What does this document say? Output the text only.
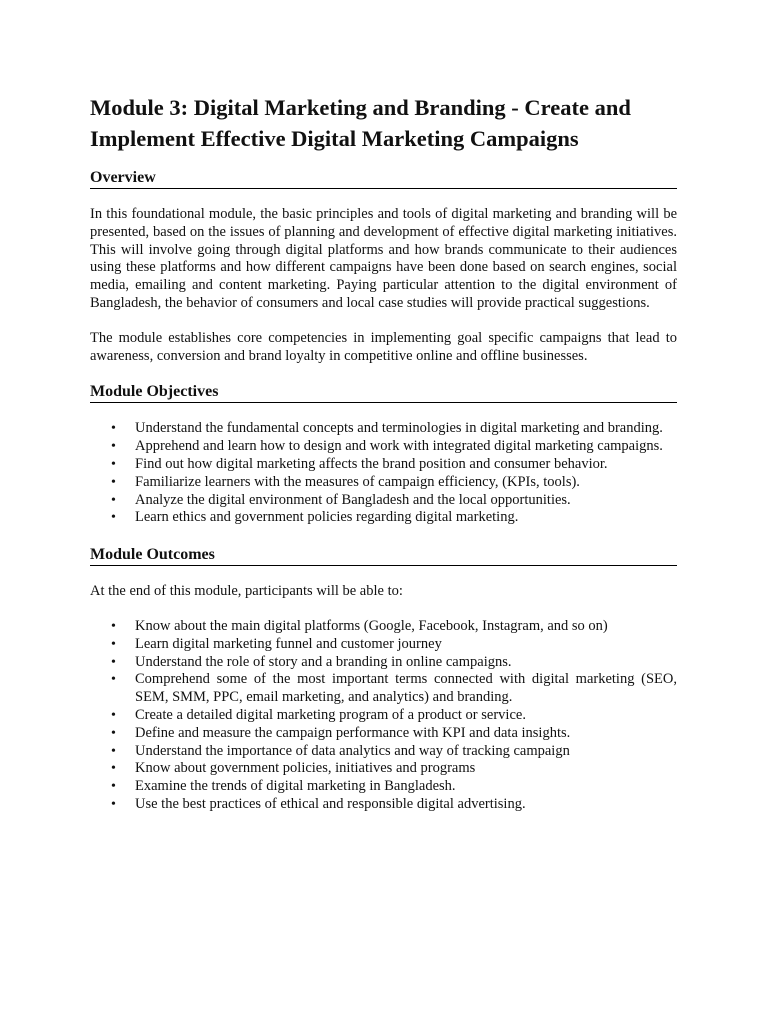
Module 3: Digital Marketing and Branding - Create and Implement Effective Digital Marketing Campaigns
Overview

In this foundational module, the basic principles and tools of digital marketing and branding will be presented, based on the issues of planning and development of effective digital marketing initiatives. This will involve going through digital platforms and how brands communicate to their audiences using these platforms and how different campaigns have been done based on search engines, social media, emailing and content marketing. Paying particular attention to the digital environment of Bangladesh, the behavior of consumers and local case studies will provide practical suggestions.

The module establishes core competencies in implementing goal specific campaigns that lead to awareness, conversion and brand loyalty in competitive online and offline businesses.

Module Objectives
• Understand the fundamental concepts and terminologies in digital marketing and branding.
• Apprehend and learn how to design and work with integrated digital marketing campaigns.
• Find out how digital marketing affects the brand position and consumer behavior.
• Familiarize learners with the measures of campaign efficiency, (KPIs, tools).
• Analyze the digital environment of Bangladesh and the local opportunities.
• Learn ethics and government policies regarding digital marketing.
Module Outcomes

At the end of this module, participants will be able to:

• Know about the main digital platforms (Google, Facebook, Instagram, and so on)
• Learn digital marketing funnel and customer journey
• Understand the role of story and a branding in online campaigns.
• Comprehend some of the most important terms connected with digital marketing (SEO, SEM, SMM, PPC, email marketing, and analytics) and branding.
• Create a detailed digital marketing program of a product or service.
• Define and measure the campaign performance with KPI and data insights.
• Understand the importance of data analytics and way of tracking campaign
• Know about government policies, initiatives and programs
• Examine the trends of digital marketing in Bangladesh.
• Use the best practices of ethical and responsible digital advertising.
